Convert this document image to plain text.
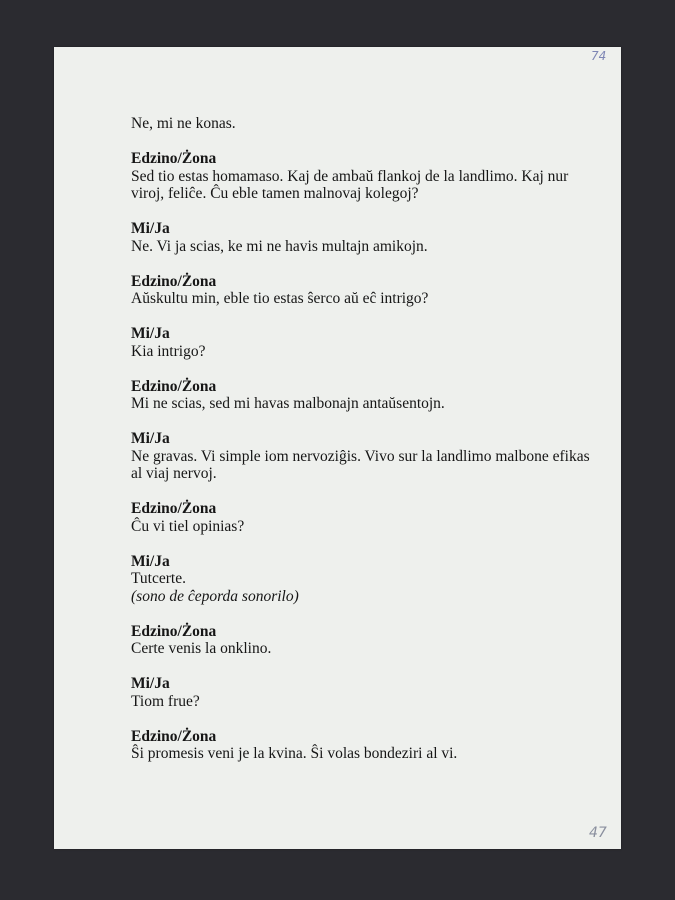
74
Ne, mi ne konas.
Edzino/Żona
Sed tio estas homamaso. Kaj de ambaŭ flankoj de la landlimo. Kaj nur viroj, feliĉe. Ĉu eble tamen malnovaj kolegoj?
Mi/Ja
Ne. Vi ja scias, ke mi ne havis multajn amikojn.
Edzino/Żona
Aŭskultu min, eble tio estas ŝerco aŭ eĉ intrigo?
Mi/Ja
Kia intrigo?
Edzino/Żona
Mi ne scias, sed mi havas malbonajn antaŭsentojn.
Mi/Ja
Ne gravas. Vi simple iom nervoziĝis. Vivo sur la landlimo malbone efikas al viaj nervoj.
Edzino/Żona
Ĉu vi tiel opinias?
Mi/Ja
Tutcerte.
(sono de ĉeporda sonorilo)
Edzino/Żona
Certe venis la onklino.
Mi/Ja
Tiom frue?
Edzino/Żona
Ŝi promesis veni je la kvina. Ŝi volas bondeziri al vi.
47
